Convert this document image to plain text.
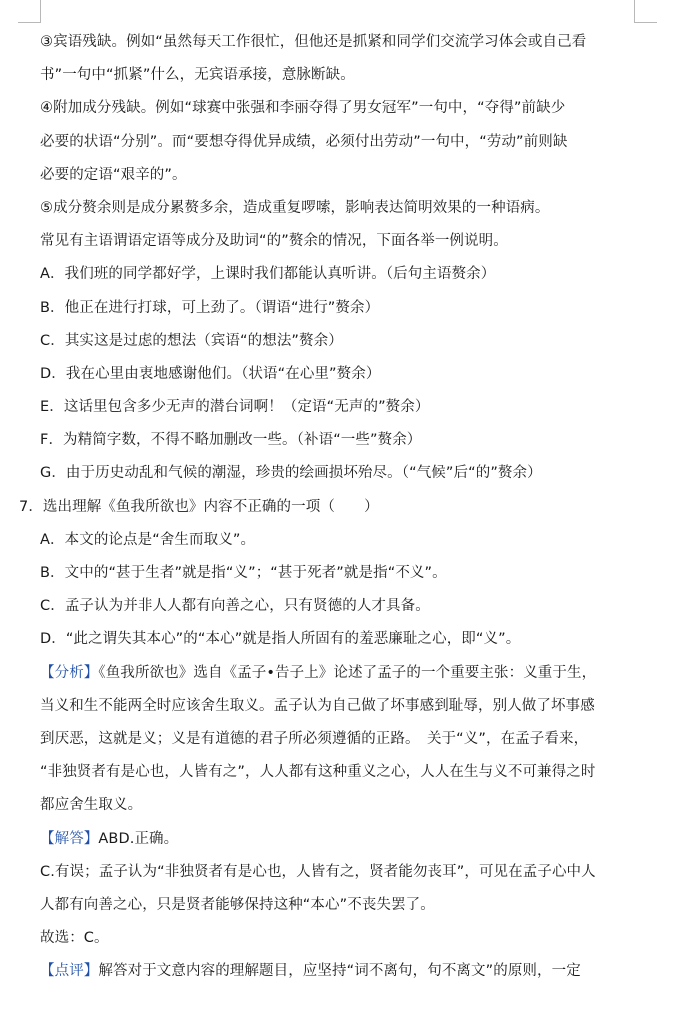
③宾语残缺。例如“虽然每天工作很忙，但他还是抓紧和同学们交流学习体会或自己看
书”一句中“抓紧”什么，无宾语承接，意脉断缺。
④附加成分残缺。例如“球赛中张强和李丽夺得了男女冠军”一句中，“夺得”前缺少
必要的状语“分别”。而“要想夺得优异成绩，必须付出劳动”一句中，“劳动”前则缺
必要的定语“艰辛的”。
⑤成分赘余则是成分累赘多余，造成重复啰嗦，影响表达简明效果的一种语病。
常见有主语谓语定语等成分及助词“的”赘余的情况，下面各举一例说明。
A．我们班的同学都好学，上课时我们都能认真听讲。（后句主语赘余）
B．他正在进行打球，可上劲了。（谓语“进行”赘余）
C．其实这是过虑的想法（宾语“的想法”赘余）
D．我在心里由衷地感谢他们。（状语“在心里”赘余）
E．这话里包含多少无声的潜台词啊！（定语“无声的”赘余）
F．为精简字数，不得不略加删改一些。（补语“一些”赘余）
G．由于历史动乱和气候的潮湿，珍贵的绘画损坏殆尽。（“气候”后“的”赘余）
7．选出理解《鱼我所欲也》内容不正确的一项（　　）
A．本文的论点是“舍生而取义”。
B．文中的“甚于生者”就是指“义”；“甚于死者”就是指“不义”。
C．孟子认为并非人人都有向善之心，只有贤德的人才具备。
D．“此之谓失其本心”的“本心”就是指人所固有的羞恶廉耻之心，即“义”。
【分析】《鱼我所欲也》选自《孟子•告子上》论述了孟子的一个重要主张：义重于生，
当义和生不能两全时应该舍生取义。孟子认为自己做了坏事感到耻辱，别人做了坏事感
到厌恶，这就是义；义是有道德的君子所必须遵循的正路。　关于“义”，在孟子看来，
“非独贤者有是心也，人皆有之”，人人都有这种重义之心，人人在生与义不可兼得之时
都应舍生取义。
【解答】ABD.正确。
C.有误；孟子认为“非独贤者有是心也，人皆有之，贤者能勿丧耳”，可见在孟子心中人
人都有向善之心，只是贤者能够保持这种“本心”不丧失罢了。
故选：C。
【点评】解答对于文意内容的理解题目，应坚持“词不离句，句不离文”的原则，一定
